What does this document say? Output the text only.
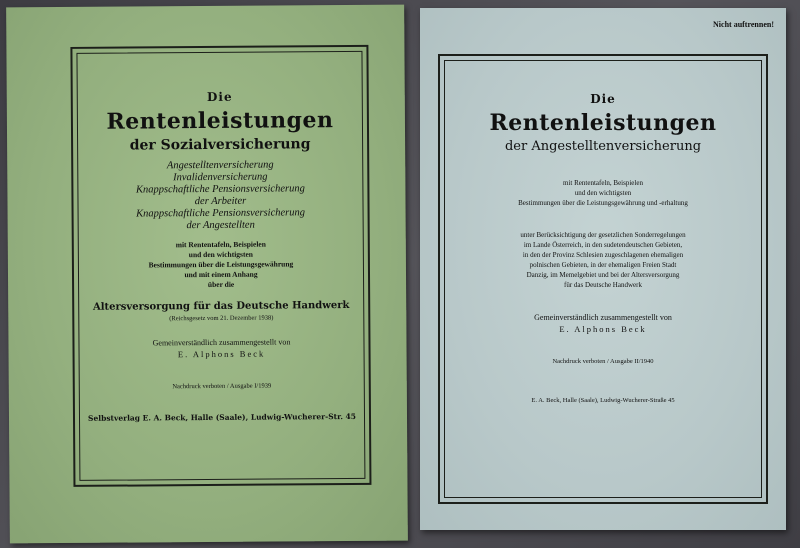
Die
Rentenleistungen
der Sozialversicherung
Angestelltenversicherung
Invalidenversicherung
Knappschaftliche Pensionsversicherung
der Arbeiter
Knappschaftliche Pensionsversicherung
der Angestellten
mit Rententafeln, Beispielen
und den wichtigsten
Bestimmungen über die Leistungsgewährung
und mit einem Anhang
über die
Altersversorgung für das Deutsche Handwerk
(Reichsgesetz vom 21. Dezember 1938)
Gemeinverständlich zusammengestellt von
E. Alphons Beck
Nachdruck verboten / Ausgabe I/1939
Selbstverlag E. A. Beck, Halle (Saale), Ludwig-Wucherer-Str. 45
Nicht auftrennen!
Die
Rentenleistungen
der Angestelltenversicherung
mit Rententafeln, Beispielen
und den wichtigsten
Bestimmungen über die Leistungsgewährung und -erhaltung
unter Berücksichtigung der gesetzlichen Sonderregelungen
im Lande Österreich, in den sudetendeutschen Gebieten,
in den der Provinz Schlesien zugeschlagenen ehemaligen
polnischen Gebieten, in der ehemaligen Freien Stadt
Danzig, im Memelgebiet und bei der Altersversorgung
für das Deutsche Handwerk
Gemeinverständlich zusammengestellt von
E. Alphons Beck
Nachdruck verboten / Ausgabe II/1940
E. A. Beck, Halle (Saale), Ludwig-Wucherer-Straße 45
